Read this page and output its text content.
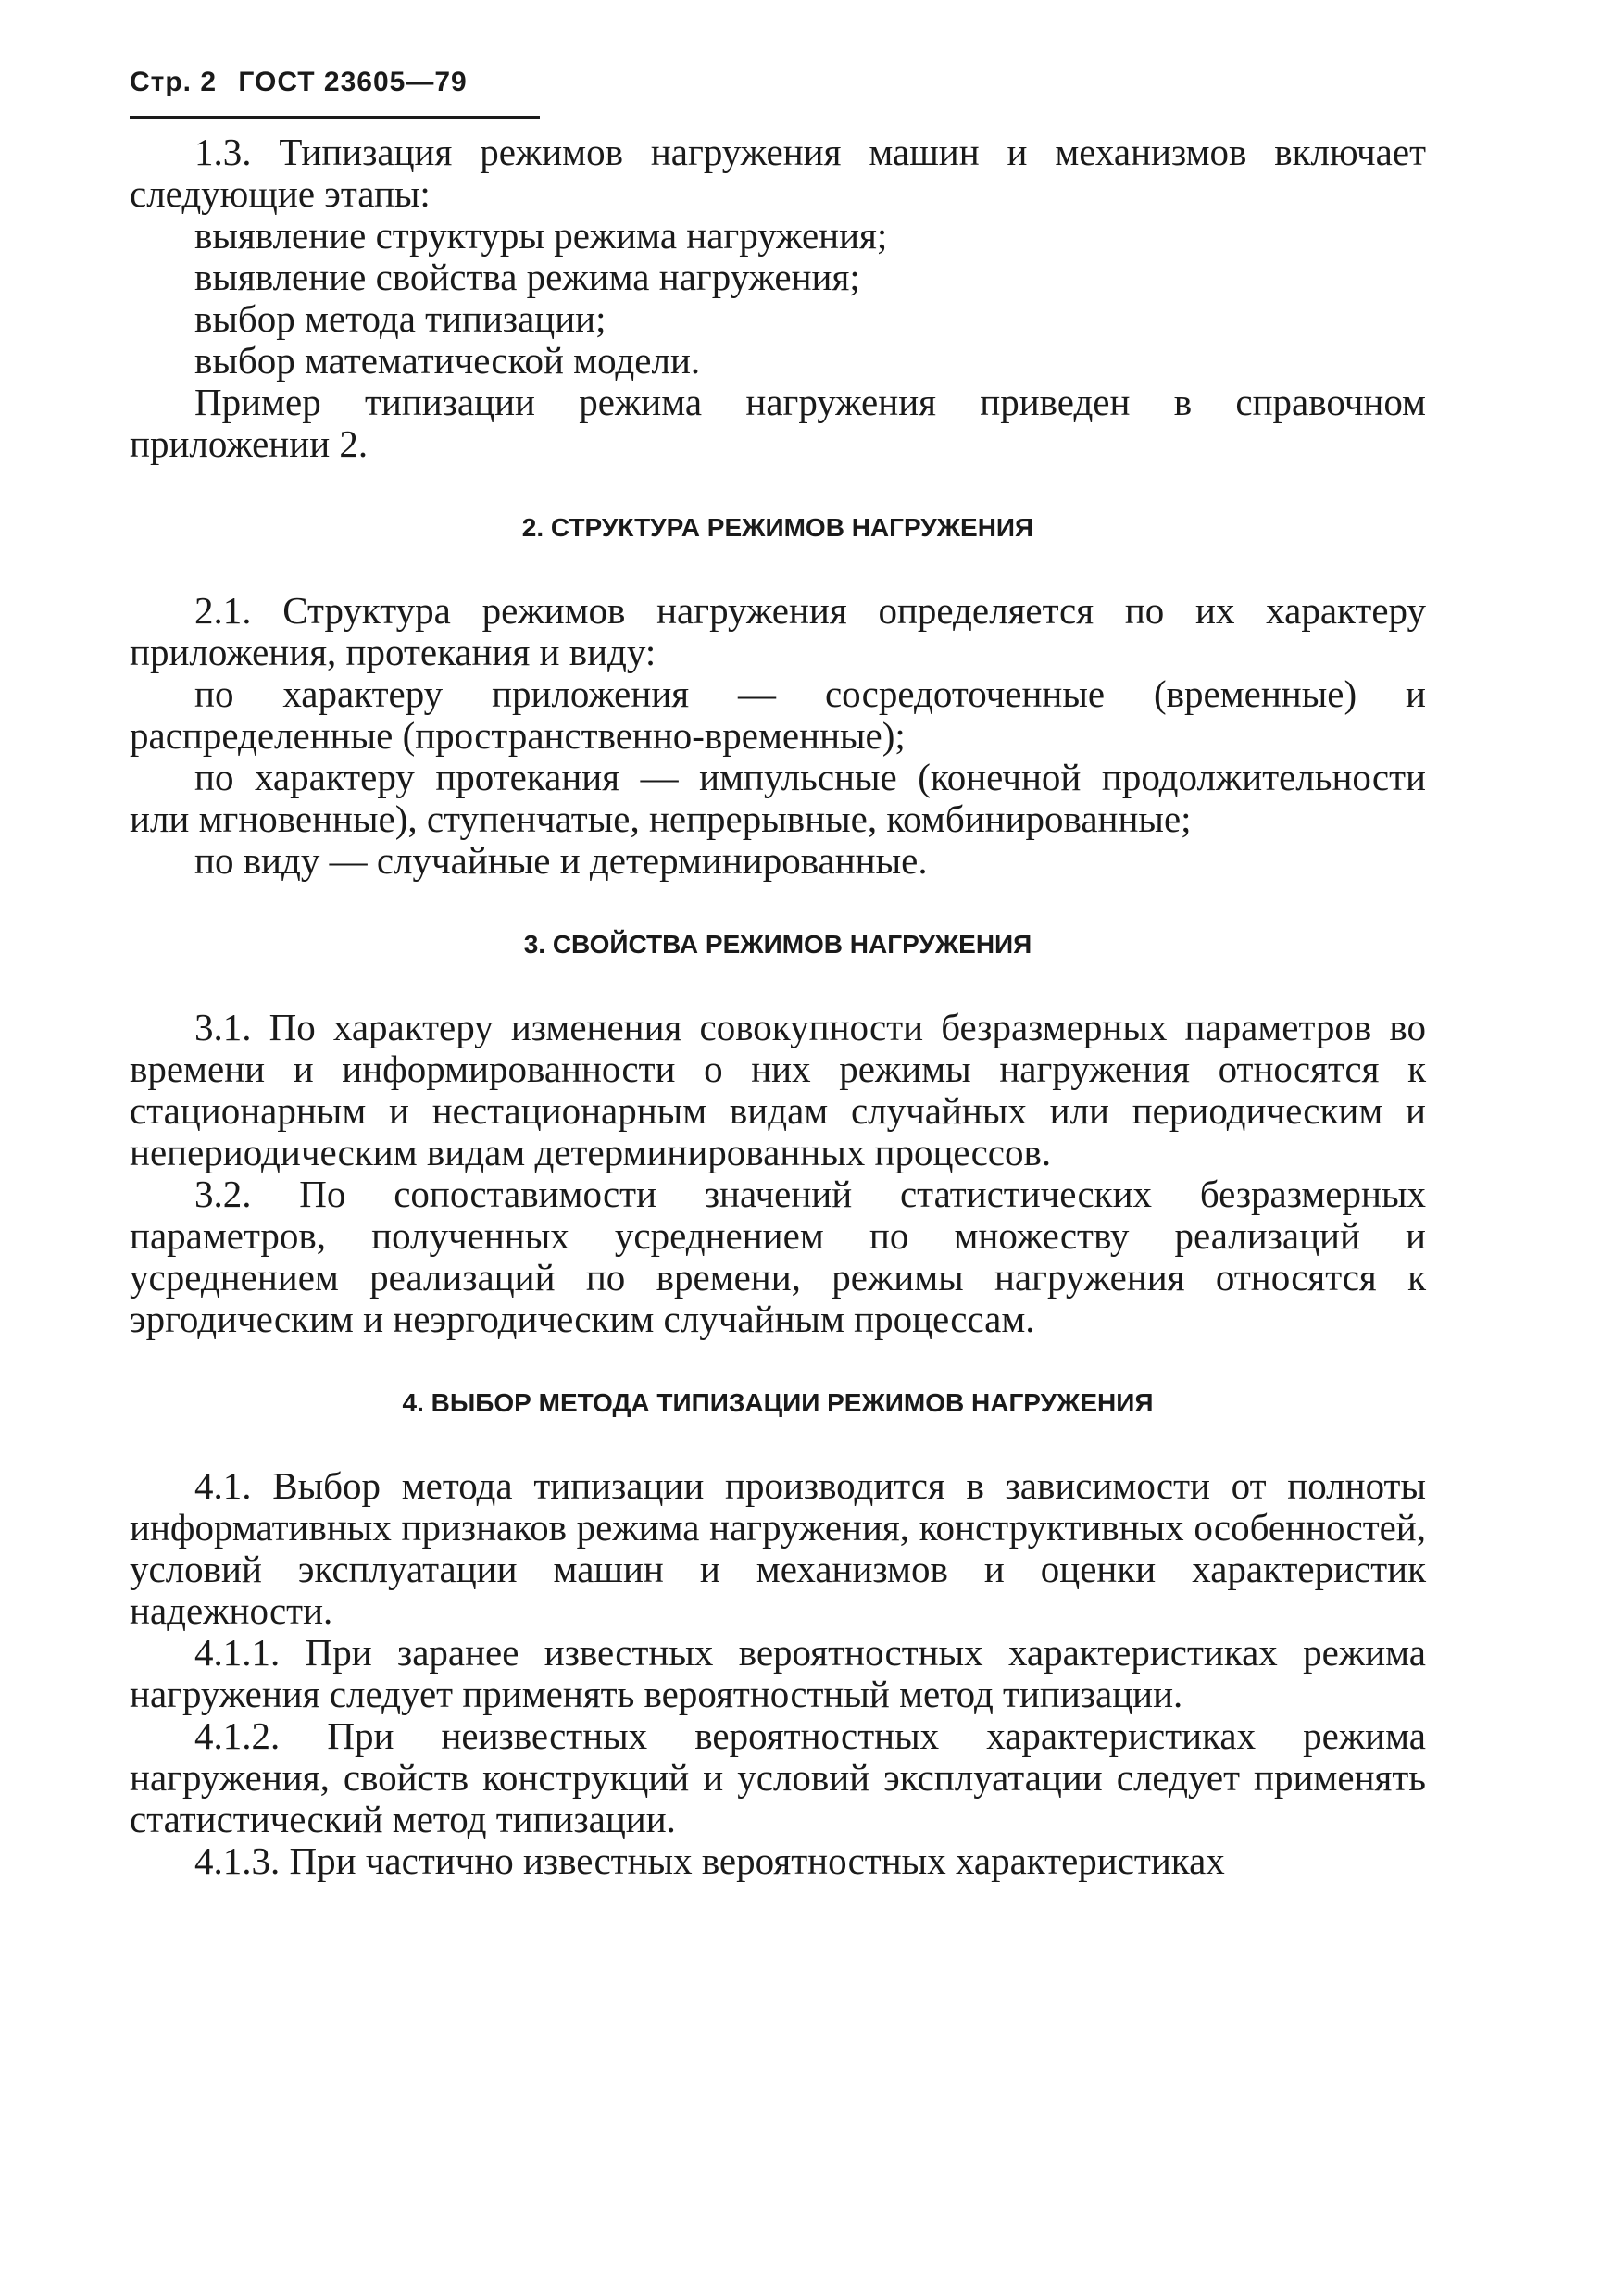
Стр. 2 ГОСТ 23605—79

1.3. Типизация режимов нагружения машин и механизмов включает следующие этапы:

выявление структуры режима нагружения;

выявление свойства режима нагружения;

выбор метода типизации;

выбор математической модели.

Пример типизации режима нагружения приведен в справочном приложении 2.

2. СТРУКТУРА РЕЖИМОВ НАГРУЖЕНИЯ

2.1. Структура режимов нагружения определяется по их характеру приложения, протекания и виду:

по характеру приложения — сосредоточенные (временные) и распределенные (пространственно-временные);

по характеру протекания — импульсные (конечной продолжительности или мгновенные), ступенчатые, непрерывные, комбинированные;

по виду — случайные и детерминированные.

3. СВОЙСТВА РЕЖИМОВ НАГРУЖЕНИЯ

3.1. По характеру изменения совокупности безразмерных параметров во времени и информированности о них режимы нагружения относятся к стационарным и нестационарным видам случайных или периодическим и непериодическим видам детерминированных процессов.

3.2. По сопоставимости значений статистических безразмерных параметров, полученных усреднением по множеству реализаций и усреднением реализаций по времени, режимы нагружения относятся к эргодическим и неэргодическим случайным процессам.

4. ВЫБОР МЕТОДА ТИПИЗАЦИИ РЕЖИМОВ НАГРУЖЕНИЯ

4.1. Выбор метода типизации производится в зависимости от полноты информативных признаков режима нагружения, конструктивных особенностей, условий эксплуатации машин и механизмов и оценки характеристик надежности.

4.1.1. При заранее известных вероятностных характеристиках режима нагружения следует применять вероятностный метод типизации.

4.1.2. При неизвестных вероятностных характеристиках режима нагружения, свойств конструкций и условий эксплуатации следует применять статистический метод типизации.

4.1.3. При частично известных вероятностных характеристиках
